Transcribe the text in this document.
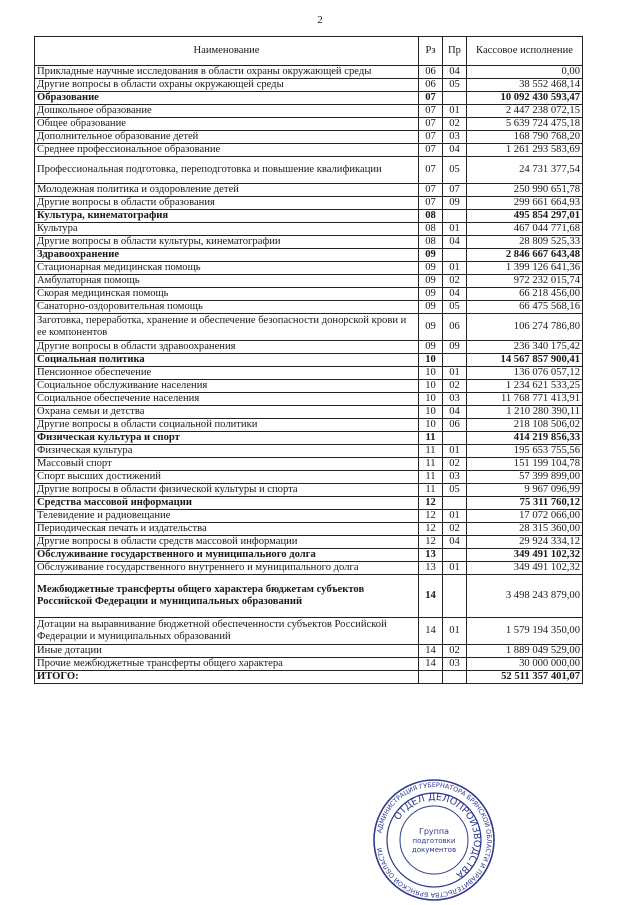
2
Наименование	Рз	Пр	Кассовое исполнение
Прикладные научные исследования в области охраны окружающей среды	06	04	0,00
Другие вопросы в области охраны окружающей среды	06	05	38 552 468,14
Образование	07		10 092 430 593,47
Дошкольное образование	07	01	2 447 238 072,15
Общее образование	07	02	5 639 724 475,18
Дополнительное образование детей	07	03	168 790 768,20
Среднее профессиональное образование	07	04	1 261 293 583,69
Профессиональная подготовка, переподготовка и повышение квалификации	07	05	24 731 377,54
Молодежная политика и оздоровление детей	07	07	250 990 651,78
Другие вопросы в области образования	07	09	299 661 664,93
Культура, кинематография	08		495 854 297,01
Культура	08	01	467 044 771,68
Другие вопросы в области культуры, кинематографии	08	04	28 809 525,33
Здравоохранение	09		2 846 667 643,48
Стационарная медицинская помощь	09	01	1 399 126 641,36
Амбулаторная помощь	09	02	972 232 015,74
Скорая медицинская помощь	09	04	66 218 456,00
Санаторно-оздоровительная помощь	09	05	66 475 568,16
Заготовка, переработка, хранение и обеспечение безопасности донорской крови и ее компонентов	09	06	106 274 786,80
Другие вопросы в области здравоохранения	09	09	236 340 175,42
Социальная политика	10		14 567 857 900,41
Пенсионное обеспечение	10	01	136 076 057,12
Социальное обслуживание населения	10	02	1 234 621 533,25
Социальное обеспечение населения	10	03	11 768 771 413,91
Охрана семьи и детства	10	04	1 210 280 390,11
Другие вопросы в области социальной политики	10	06	218 108 506,02
Физическая культура и спорт	11		414 219 856,33
Физическая культура	11	01	195 653 755,56
Массовый спорт	11	02	151 199 104,78
Спорт высших достижений	11	03	57 399 899,00
Другие вопросы в области физической культуры и спорта	11	05	9 967 096,99
Средства массовой информации	12		75 311 760,12
Телевидение и радиовещание	12	01	17 072 066,00
Периодическая печать и издательства	12	02	28 315 360,00
Другие вопросы в области средств массовой информации	12	04	29 924 334,12
Обслуживание государственного и муниципального долга	13		349 491 102,32
Обслуживание государственного внутреннего и муниципального долга	13	01	349 491 102,32
Межбюджетные трансферты общего характера бюджетам субъектов Российской Федерации и муниципальных образований	14		3 498 243 879,00
Дотации на выравнивание бюджетной обеспеченности субъектов Российской Федерации и муниципальных образований	14	01	1 579 194 350,00
Иные дотации	14	02	1 889 049 529,00
Прочие межбюджетные трансферты общего характера	14	03	30 000 000,00
ИТОГО:			52 511 357 401,07
АДМИНИСТРАЦИЯ ГУБЕРНАТОРА БРЯНСКОЙ ОБЛАСТИ И ПРАВИТЕЛЬСТВА БРЯНСКОЙ ОБЛАСТИ
ОТДЕЛ ДЕЛОПРОИЗВОДСТВА
Группа
подготовки
документов
